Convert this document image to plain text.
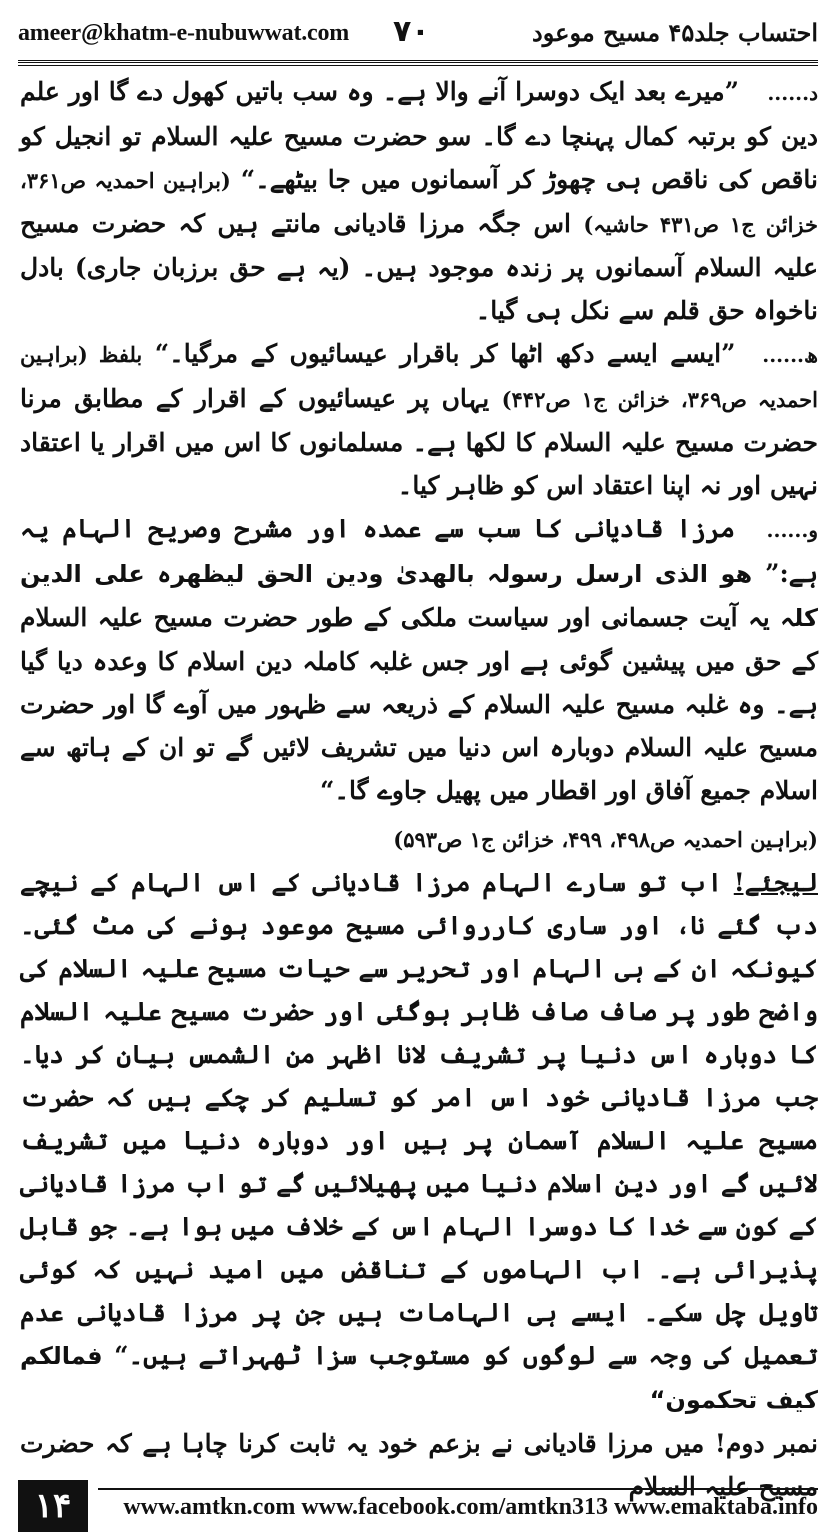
ameer@khatm-e-nubuwwat.com ٧٠	احتساب جلد۴۵ مسیح موعود

د...... ”میرے بعد ایک دوسرا آنے والا ہے۔ وہ سب باتیں کھول دے گا اور علم دین کو برتبہ کمال پہنچا دے گا۔ سو حضرت مسیح علیہ السلام تو انجیل کو ناقص کی ناقص ہی چھوڑ کر آسمانوں میں جا بیٹھے۔“ (براہین احمدیہ ص۳۶۱، خزائن ج۱ ص۴۳۱ حاشیہ) اس جگہ مرزا قادیانی مانتے ہیں کہ حضرت مسیح علیہ السلام آسمانوں پر زندہ موجود ہیں۔ (یہ ہے حق برزبان جاری) بادل ناخواہ حق قلم سے نکل ہی گیا۔

ھ...... ”ایسے ایسے دکھ اٹھا کر باقرار عیسائیوں کے مرگیا۔“ بلفظ (براہین احمدیہ ص۳۶۹، خزائن ج۱ ص۴۴۲) یہاں پر عیسائیوں کے اقرار کے مطابق مرنا حضرت مسیح علیہ السلام کا لکھا ہے۔ مسلمانوں کا اس میں اقرار یا اعتقاد نہیں اور نہ اپنا اعتقاد اس کو ظاہر کیا۔

و...... مرزا قادیانی کا سب سے عمدہ اور مشرح وصریح الہام یہ ہے:” ھو الذی ارسل رسولہ بالھدیٰ ودین الحق لیظھرہ علی الدین کلہ یہ آیت جسمانی اور سیاست ملکی کے طور حضرت مسیح علیہ السلام کے حق میں پیشین گوئی ہے اور جس غلبہ کاملہ دین اسلام کا وعدہ دیا گیا ہے۔ وہ غلبہ مسیح علیہ السلام کے ذریعہ سے ظہور میں آوے گا اور حضرت مسیح علیہ السلام دوبارہ اس دنیا میں تشریف لائیں گے تو ان کے ہاتھ سے اسلام جمیع آفاق اور اقطار میں پھیل جاوے گا۔“

(براہین احمدیہ ص۴۹۸، ۴۹۹، خزائن ج۱ ص۵۹۳)

لیجئے! اب تو سارے الہام مرزا قادیانی کے اس الہام کے نیچے دب گئے نا، اور ساری کارروائی مسیح موعود ہونے کی مٹ گئی۔ کیونکہ ان کے ہی الہام اور تحریر سے حیات مسیح علیہ السلام کی واضح طور پر صاف صاف ظاہر ہوگئی اور حضرت مسیح علیہ السلام کا دوبارہ اس دنیا پر تشریف لانا اظہر من الشمس بیان کر دیا۔ جب مرزا قادیانی خود اس امر کو تسلیم کر چکے ہیں کہ حضرت مسیح علیہ السلام آسمان پر ہیں اور دوبارہ دنیا میں تشریف لائیں گے اور دین اسلام دنیا میں پھیلائیں گے تو اب مرزا قادیانی کے کون سے خدا کا دوسرا الہام اس کے خلاف میں ہوا ہے۔ جو قابل پذیرائی ہے۔ اب الہاموں کے تناقض میں امید نہیں کہ کوئی تاویل چل سکے۔ ایسے ہی الہامات ہیں جن پر مرزا قادیانی عدم تعمیل کی وجہ سے لوگوں کو مستوجب سزا ٹھہراتے ہیں۔“ فمالکم کیف تحکمون“

نمبر دوم! میں مرزا قادیانی نے بزعم خود یہ ثابت کرنا چاہا ہے کہ حضرت مسیح علیہ السلام

۱۴	www.amtkn.com www.facebook.com/amtkn313 www.emaktaba.info
